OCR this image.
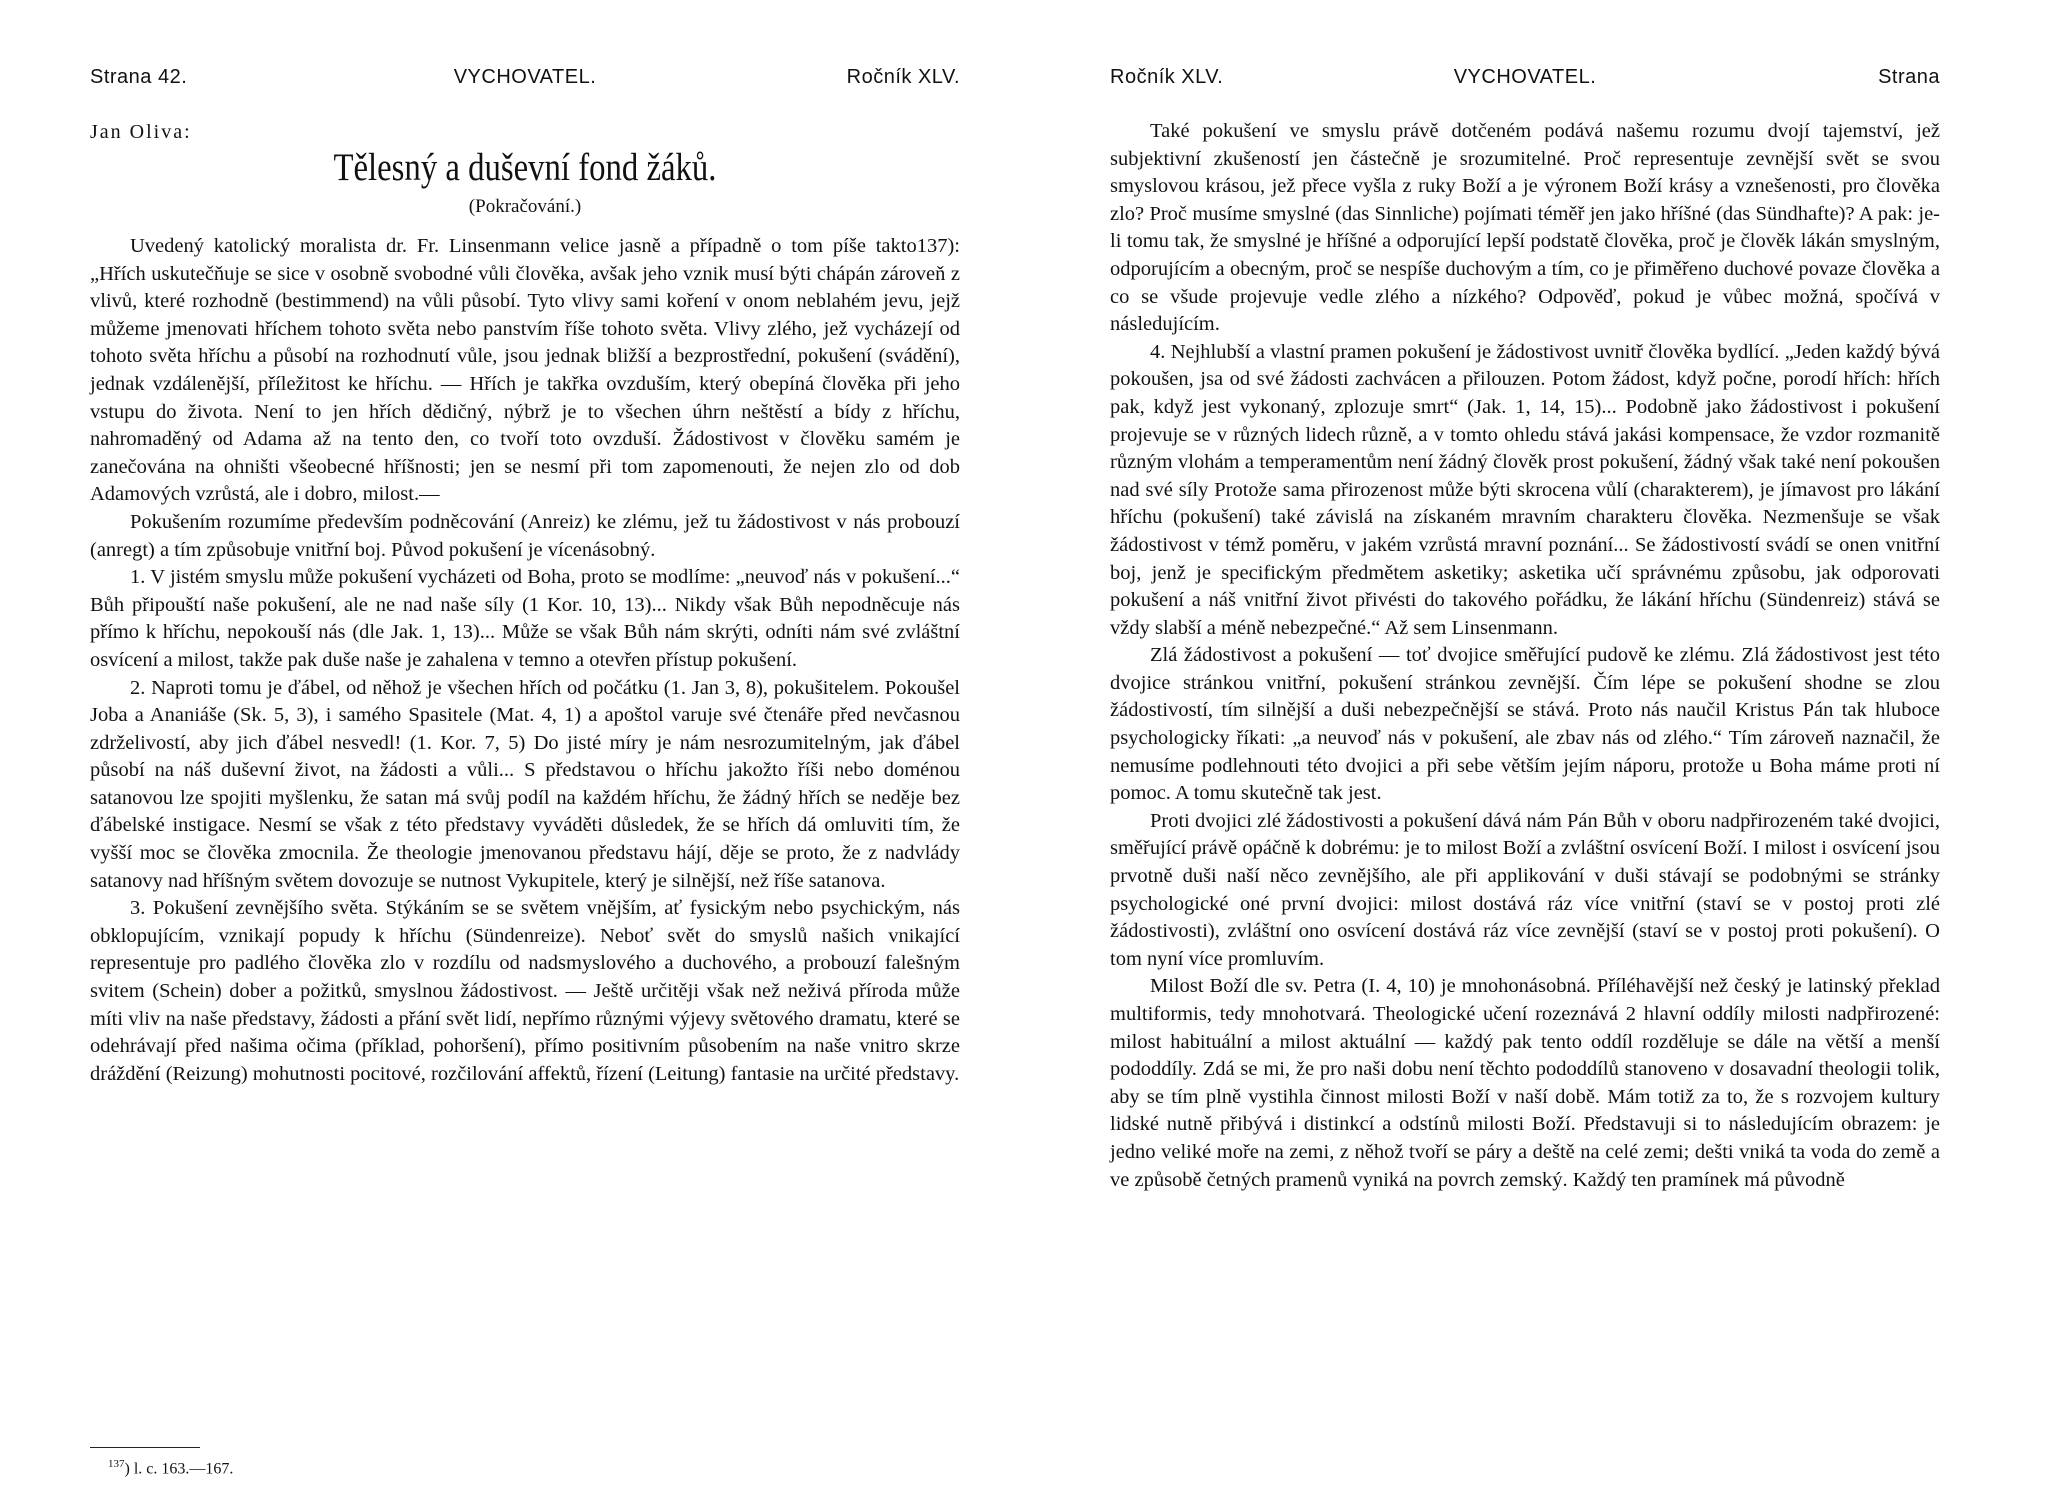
Strana 42.	VYCHOVATEL.	Ročník XLV.
Jan Oliva:
Tělesný a duševní fond žáků.
(Pokračování.)

Uvedený katolický moralista dr. Fr. Linsenmann velice jasně a případně o tom píše takto137): „Hřích uskutečňuje se sice v osobně svobodné vůli člověka, avšak jeho vznik musí býti chápán zároveň z vlivů, které rozhodně (bestimmend) na vůli působí. Tyto vlivy sami koření v onom neblahém jevu, jejž můžeme jmenovati hříchem tohoto světa nebo panstvím říše tohoto světa. Vlivy zlého, jež vycházejí od tohoto světa hříchu a působí na rozhodnutí vůle, jsou jednak bližší a bezprostřední, pokušení (svádění), jednak vzdálenější, příležitost ke hříchu. — Hřích je takřka ovzduším, který obepíná člověka při jeho vstupu do života. Není to jen hřích dědičný, nýbrž je to všechen úhrn neštěstí a bídy z hříchu, nahromaděný od Adama až na tento den, co tvoří toto ovzduší. Žádostivost v člověku samém je zanečována na ohništi všeobecné hříšnosti; jen se nesmí při tom zapomenouti, že nejen zlo od dob Adamových vzrůstá, ale i dobro, milost.—

Pokušením rozumíme především podněcování (Anreiz) ke zlému, jež tu žádostivost v nás probouzí (anregt) a tím způsobuje vnitřní boj. Původ pokušení je vícenásobný.

1. V jistém smyslu může pokušení vycházeti od Boha, proto se modlíme: „neuvoď nás v pokušení...“ Bůh připouští naše pokušení, ale ne nad naše síly (1 Kor. 10, 13)... Nikdy však Bůh nepodněcuje nás přímo k hříchu, nepokouší nás (dle Jak. 1, 13)... Může se však Bůh nám skrýti, odníti nám své zvláštní osvícení a milost, takže pak duše naše je zahalena v temno a otevřen přístup pokušení.

2. Naproti tomu je ďábel, od něhož je všechen hřích od počátku (1. Jan 3, 8), pokušitelem. Pokoušel Joba a Ananiáše (Sk. 5, 3), i samého Spasitele (Mat. 4, 1) a apoštol varuje své čtenáře před nevčasnou zdrželivostí, aby jich ďábel nesvedl! (1. Kor. 7, 5) Do jisté míry je nám nesrozumitelným, jak ďábel působí na náš duševní život, na žádosti a vůli... S představou o hříchu jakožto říši nebo doménou satanovou lze spojiti myšlenku, že satan má svůj podíl na každém hříchu, že žádný hřích se neděje bez ďábelské instigace. Nesmí se však z této představy vyváděti důsledek, že se hřích dá omluviti tím, že vyšší moc se člověka zmocnila. Že theologie jmenovanou představu hájí, děje se proto, že z nadvlády satanovy nad hříšným světem dovozuje se nutnost Vykupitele, který je silnější, než říše satanova.

3. Pokušení zevnějšího světa. Stýkáním se se světem vnějším, ať fysickým nebo psychickým, nás obklopujícím, vznikají popudy k hříchu (Sündenreize). Neboť svět do smyslů našich vnikající representuje pro padlého člověka zlo v rozdílu od nadsmyslového a duchového, a probouzí falešným svitem (Schein) dober a požitků, smyslnou žádostivost. — Ještě určitěji však než neživá příroda může míti vliv na naše představy, žádosti a přání svět lidí, nepřímo různými výjevy světového dramatu, které se odehrávají před našima očima (příklad, pohoršení), přímo positivním působením na naše vnitro skrze dráždění (Reizung) mohutnosti pocitové, rozčilování affektů, řízení (Leitung) fantasie na určité představy.

$^{137}$) l. c. 163.—167.
Ročník XLV.	VYCHOVATEL.	Strana

Také pokušení ve smyslu právě dotčeném podává našemu rozumu dvojí tajemství, jež subjektivní zkušeností jen částečně je srozumitelné. Proč representuje zevnější svět se svou smyslovou krásou, jež přece vyšla z ruky Boží a je výronem Boží krásy a vznešenosti, pro člověka zlo? Proč musíme smyslné (das Sinnliche) pojímati téměř jen jako hříšné (das Sündhafte)? A pak: je-li tomu tak, že smyslné je hříšné a odporující lepší podstatě člověka, proč je člověk lákán smyslným, odporujícím a obecným, proč se nespíše duchovým a tím, co je přiměřeno duchové povaze člověka a co se všude projevuje vedle zlého a nízkého? Odpověď, pokud je vůbec možná, spočívá v následujícím.

4. Nejhlubší a vlastní pramen pokušení je žádostivost uvnitř člověka bydlící. „Jeden každý bývá pokoušen, jsa od své žádosti zachvácen a přilouzen. Potom žádost, když počne, porodí hřích: hřích pak, když jest vykonaný, zplozuje smrt“ (Jak. 1, 14, 15)... Podobně jako žádostivost i pokušení projevuje se v různých lidech různě, a v tomto ohledu stává jakási kompensace, že vzdor rozmanitě různým vlohám a temperamentům není žádný člověk prost pokušení, žádný však také není pokoušen nad své síly Protože sama přirozenost může býti skrocena vůlí (charakterem), je jímavost pro lákání hříchu (pokušení) také závislá na získaném mravním charakteru člověka. Nezmenšuje se však žádostivost v témž poměru, v jakém vzrůstá mravní poznání... Se žádostivostí svádí se onen vnitřní boj, jenž je specifickým předmětem asketiky; asketika učí správnému způsobu, jak odporovati pokušení a náš vnitřní život přivésti do takového pořádku, že lákání hříchu (Sündenreiz) stává se vždy slabší a méně nebezpečné.“ Až sem Linsenmann.

Zlá žádostivost a pokušení — toť dvojice směřující pudově ke zlému. Zlá žádostivost jest této dvojice stránkou vnitřní, pokušení stránkou zevnější. Čím lépe se pokušení shodne se zlou žádostivostí, tím silnější a duši nebezpečnější se stává. Proto nás naučil Kristus Pán tak hluboce psychologicky říkati: „a neuvoď nás v pokušení, ale zbav nás od zlého.“ Tím zároveň naznačil, že nemusíme podlehnouti této dvojici a při sebe větším jejím náporu, protože u Boha máme proti ní pomoc. A tomu skutečně tak jest.

Proti dvojici zlé žádostivosti a pokušení dává nám Pán Bůh v oboru nadpřirozeném také dvojici, směřující právě opáčně k dobrému: je to milost Boží a zvláštní osvícení Boží. I milost i osvícení jsou prvotně duši naší něco zevnějšího, ale při applikování v duši stávají se podobnými se stránky psychologické oné první dvojici: milost dostává ráz více vnitřní (staví se v postoj proti zlé žádostivosti), zvláštní ono osvícení dostává ráz více zevnější (staví se v postoj proti pokušení). O tom nyní více promluvím.

Milost Boží dle sv. Petra (I. 4, 10) je mnohonásobná. Příléhavější než český je latinský překlad multiformis, tedy mnohotvará. Theologické učení rozeznává 2 hlavní oddíly milosti nadpřirozené: milost habituální a milost aktuální — každý pak tento oddíl rozděluje se dále na větší a menší pododdíly. Zdá se mi, že pro naši dobu není těchto pododdílů stanoveno v dosavadní theologii tolik, aby se tím plně vystihla činnost milosti Boží v naší době. Mám totiž za to, že s rozvojem kultury lidské nutně přibývá i distinkcí a odstínů milosti Boží. Představuji si to následujícím obrazem: je jedno veliké moře na zemi, z něhož tvoří se páry a deště na celé zemi; dešti vniká ta voda do země a ve způsobě četných pramenů vyniká na povrch zemský. Každý ten pramínek má původně
